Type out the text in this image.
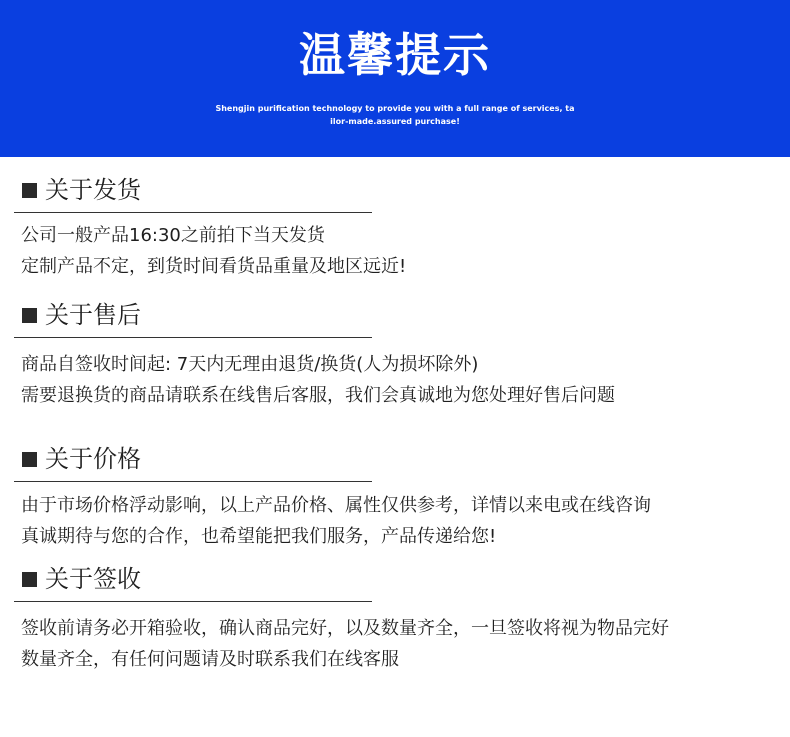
温馨提示
Shengjin purification technology to provide you with a full range of services, tailor-made.assured purchase!
关于发货
公司一般产品16:30之前拍下当天发货
定制产品不定，到货时间看货品重量及地区远近!
关于售后
商品自签收时间起: 7天内无理由退货/换货(人为损坏除外)
需要退换货的商品请联系在线售后客服，我们会真诚地为您处理好售后问题
关于价格
由于市场价格浮动影响，以上产品价格、属性仅供参考，详情以来电或在线咨询
真诚期待与您的合作，也希望能把我们服务，产品传递给您!
关于签收
签收前请务必开箱验收，确认商品完好，以及数量齐全，一旦签收将视为物品完好
数量齐全，有任何问题请及时联系我们在线客服
